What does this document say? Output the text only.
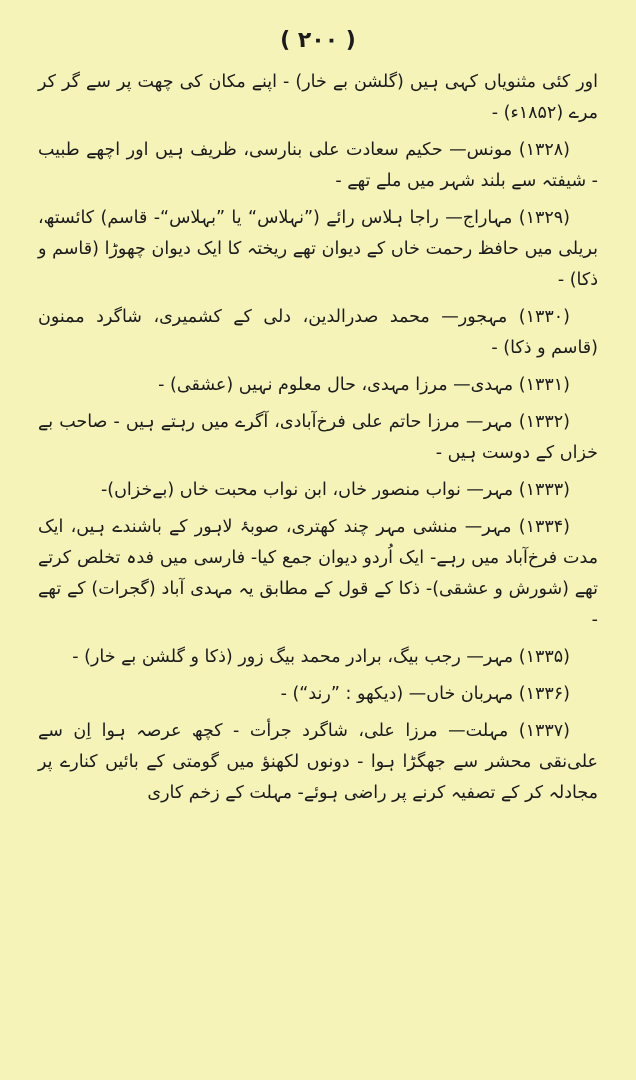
( ۲۰۰ )

اور کئی مثنویاں کہی ہیں (گلشن بے خار) - اپنے مکان کی چھت پر سے گر کر مرے (۱۸۵۲ء) -

(۱۳۲۸) مونس— حکیم سعادت علی بنارسی، ظریف ہیں اور اچھے طبیب - شیفتہ سے بلند شہر میں ملے تھے -

(۱۳۲۹) مہاراج— راجا ہلاس رائے (”نہلاس“ یا ”بہلاس“- قاسم) کائستھ، بریلی میں حافظ رحمت خاں کے دیوان تھے ریختہ کا ایک دیوان چھوڑا (قاسم و ذکا) -

(۱۳۳۰) مہجور— محمد صدرالدین، دلی کے کشمیری، شاگرد ممنون (قاسم و ذکا) -

(۱۳۳۱) مہدی— مرزا مہدی، حال معلوم نہیں (عشقی) -

(۱۳۳۲) مہر— مرزا حاتم علی فرخ‌آبادی، آگرے میں رہتے ہیں - صاحب بے خزاں کے دوست ہیں -

(۱۳۳۳) مہر— نواب منصور خاں، ابن نواب محبت خاں (بےخزاں)-

(۱۳۳۴) مہر— منشی مہر چند کھتری، صوبۂ لاہور کے باشندے ہیں، ایک مدت فرخ‌آباد میں رہے- ایک اُردو دیوان جمع کیا- فارسی میں فدہ تخلص کرتے تھے (شورش و عشقی)- ذکا کے قول کے مطابق یہ مہدی آباد (گجرات) کے تھے -

(۱۳۳۵) مہر— رجب بیگ، برادر محمد بیگ زور (ذکا و گلشن بے خار) -

(۱۳۳۶) مہربان خاں— (دیکھو : ”رند“) -

(۱۳۳۷) مہلت— مرزا علی، شاگرد جرأت - کچھ عرصہ ہوا اِن سے علی‌نقی محشر سے جھگڑا ہوا - دونوں لکھنؤ میں گومتی کے بائیں کنارے پر مجادلہ کر کے تصفیہ کرنے پر راضی ہوئے- مہلت کے زخم کاری
